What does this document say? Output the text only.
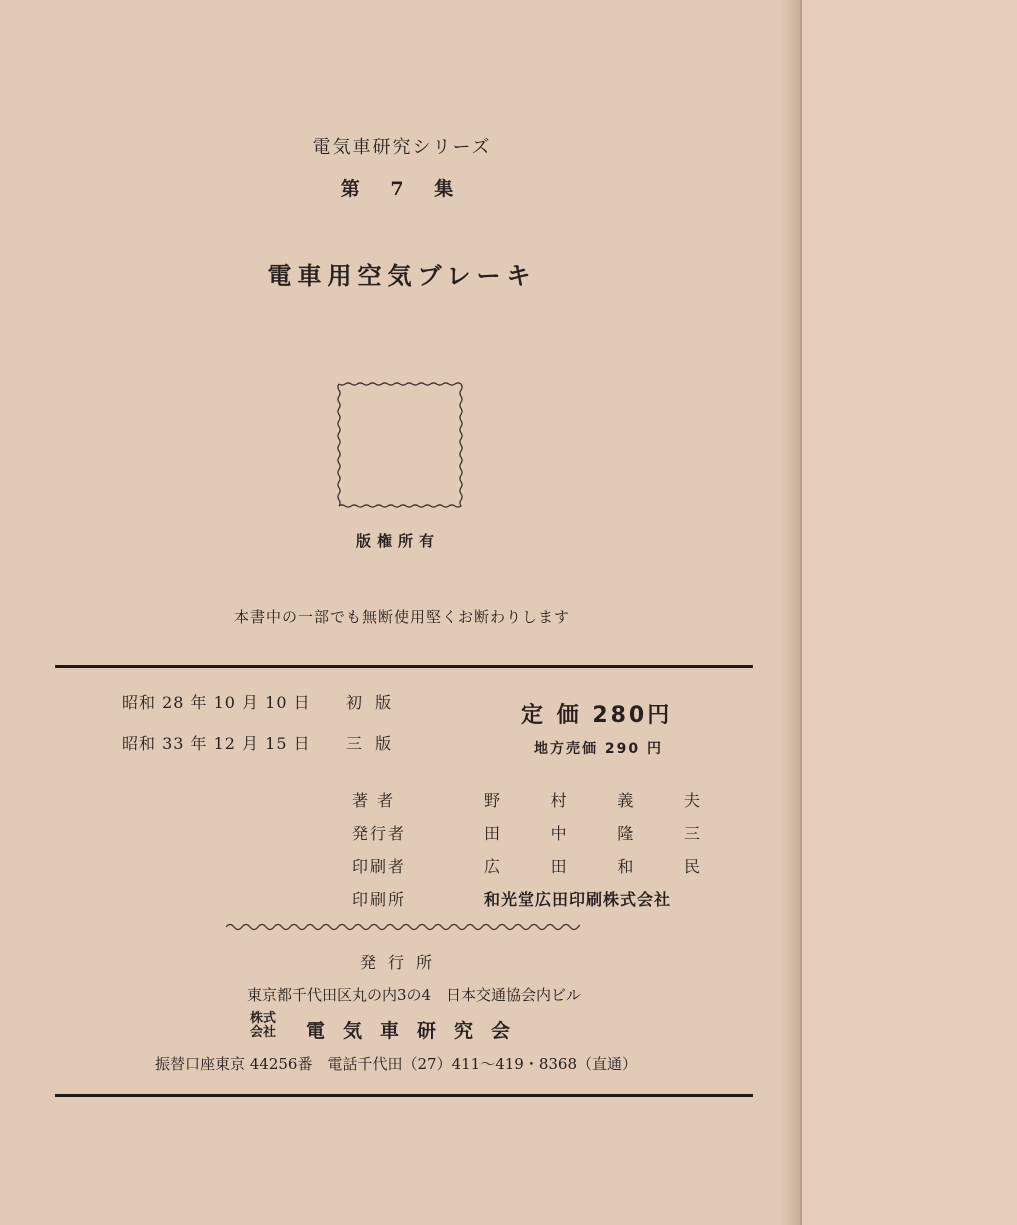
電気車研究シリーズ
第 7 集
電車用空気ブレーキ
版権所有
本書中の一部でも無断使用堅くお断わりします
昭和 28 年 10 月 10 日 初 版
昭和 33 年 12 月 15 日 三 版
定 価 280円
地方売価 290 円
著 者	野	村	義	夫
発行者	田	中	隆	三
印刷者	広	田	和	民
印刷所	和光堂広田印刷株式会社
発行所
東京都千代田区丸の内3の4　日本交通協会内ビル
株式会社	電気車研究会
振替口座東京 44256番　電話千代田（27）411〜419・8368（直通）
